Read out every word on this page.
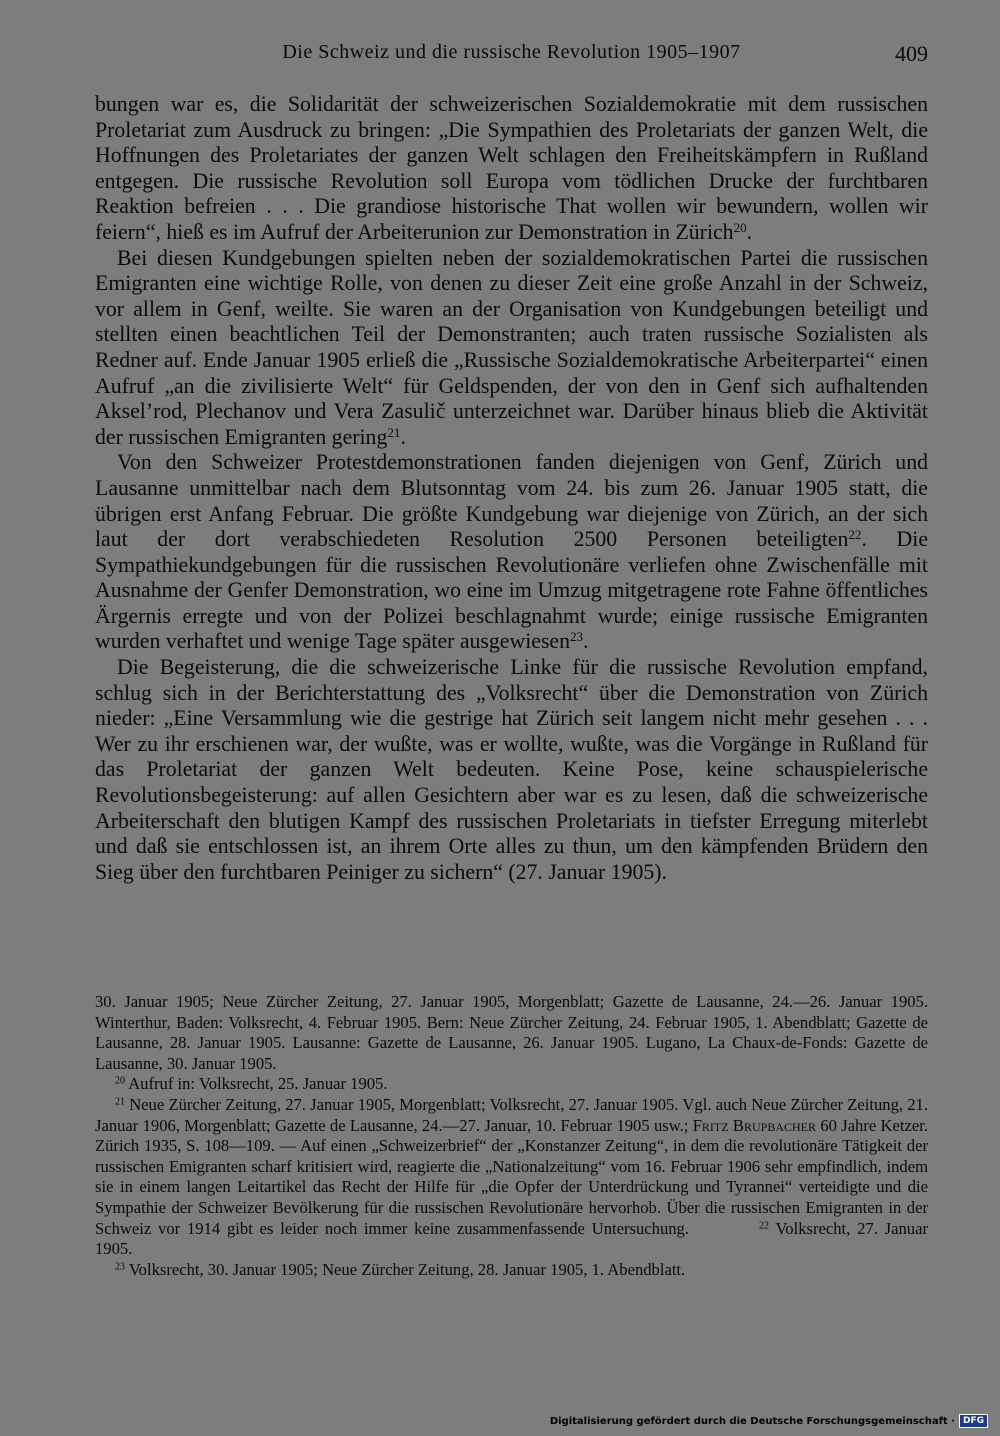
Die Schweiz und die russische Revolution 1905–1907	409

bungen war es, die Solidarität der schweizerischen Sozialdemokratie mit dem russischen Proletariat zum Ausdruck zu bringen: „Die Sympathien des Proletariats der ganzen Welt, die Hoffnungen des Proletariates der ganzen Welt schlagen den Freiheitskämpfern in Rußland entgegen. Die russische Revolution soll Europa vom tödlichen Drucke der furchtbaren Reaktion befreien . . . Die grandiose historische That wollen wir bewundern, wollen wir feiern“, hieß es im Aufruf der Arbeiterunion zur Demonstration in Zürich$^{20}$.

Bei diesen Kundgebungen spielten neben der sozialdemokratischen Partei die russischen Emigranten eine wichtige Rolle, von denen zu dieser Zeit eine große Anzahl in der Schweiz, vor allem in Genf, weilte. Sie waren an der Organisation von Kundgebungen beteiligt und stellten einen beachtlichen Teil der Demonstranten; auch traten russische Sozialisten als Redner auf. Ende Januar 1905 erließ die „Russische Sozialdemokratische Arbeiterpartei“ einen Aufruf „an die zivilisierte Welt“ für Geldspenden, der von den in Genf sich aufhaltenden Aksel’rod, Plechanov und Vera Zasulič unterzeichnet war. Darüber hinaus blieb die Aktivität der russischen Emigranten gering$^{21}$.

Von den Schweizer Protestdemonstrationen fanden diejenigen von Genf, Zürich und Lausanne unmittelbar nach dem Blutsonntag vom 24. bis zum 26. Januar 1905 statt, die übrigen erst Anfang Februar. Die größte Kundgebung war diejenige von Zürich, an der sich laut der dort verabschiedeten Resolution 2500 Personen beteiligten$^{22}$. Die Sympathiekundgebungen für die russischen Revolutionäre verliefen ohne Zwischenfälle mit Ausnahme der Genfer Demonstration, wo eine im Umzug mitgetragene rote Fahne öffentliches Ärgernis erregte und von der Polizei beschlagnahmt wurde; einige russische Emigranten wurden verhaftet und wenige Tage später ausgewiesen$^{23}$.

Die Begeisterung, die die schweizerische Linke für die russische Revolution empfand, schlug sich in der Berichterstattung des „Volksrecht“ über die Demonstration von Zürich nieder: „Eine Versammlung wie die gestrige hat Zürich seit langem nicht mehr gesehen . . . Wer zu ihr erschienen war, der wußte, was er wollte, wußte, was die Vorgänge in Rußland für das Proletariat der ganzen Welt bedeuten. Keine Pose, keine schauspielerische Revolutionsbegeisterung: auf allen Gesichtern aber war es zu lesen, daß die schweizerische Arbeiterschaft den blutigen Kampf des russischen Proletariats in tiefster Erregung miterlebt und daß sie entschlossen ist, an ihrem Orte alles zu thun, um den kämpfenden Brüdern den Sieg über den furchtbaren Peiniger zu sichern“ (27. Januar 1905).

30. Januar 1905; Neue Zürcher Zeitung, 27. Januar 1905, Morgenblatt; Gazette de Lausanne, 24.—26. Januar 1905. Winterthur, Baden: Volksrecht, 4. Februar 1905. Bern: Neue Zürcher Zeitung, 24. Februar 1905, 1. Abendblatt; Gazette de Lausanne, 28. Januar 1905. Lausanne: Gazette de Lausanne, 26. Januar 1905. Lugano, La Chaux-de-Fonds: Gazette de Lausanne, 30. Januar 1905.

$^{20}$ Aufruf in: Volksrecht, 25. Januar 1905.

$^{21}$ Neue Zürcher Zeitung, 27. Januar 1905, Morgenblatt; Volksrecht, 27. Januar 1905. Vgl. auch Neue Zürcher Zeitung, 21. Januar 1906, Morgenblatt; Gazette de Lausanne, 24.—27. Januar, 10. Februar 1905 usw.; Fritz Brupbacher 60 Jahre Ketzer. Zürich 1935, S. 108—109. — Auf einen „Schweizerbrief“ der „Konstanzer Zeitung“, in dem die revolutionäre Tätigkeit der russischen Emigranten scharf kritisiert wird, reagierte die „Nationalzeitung“ vom 16. Februar 1906 sehr empfindlich, indem sie in einem langen Leitartikel das Recht der Hilfe für „die Opfer der Unterdrückung und Tyrannei“ verteidigte und die Sympathie der Schweizer Bevölkerung für die russischen Revolutionäre hervorhob. Über die russischen Emigranten in der Schweiz vor 1914 gibt es leider noch immer keine zusammenfassende Untersuchung.	$^{22}$ Volksrecht, 27. Januar 1905.

$^{23}$ Volksrecht, 30. Januar 1905; Neue Zürcher Zeitung, 28. Januar 1905, 1. Abendblatt.

Digitalisierung gefördert durch die Deutsche Forschungsgemeinschaft · DFG
